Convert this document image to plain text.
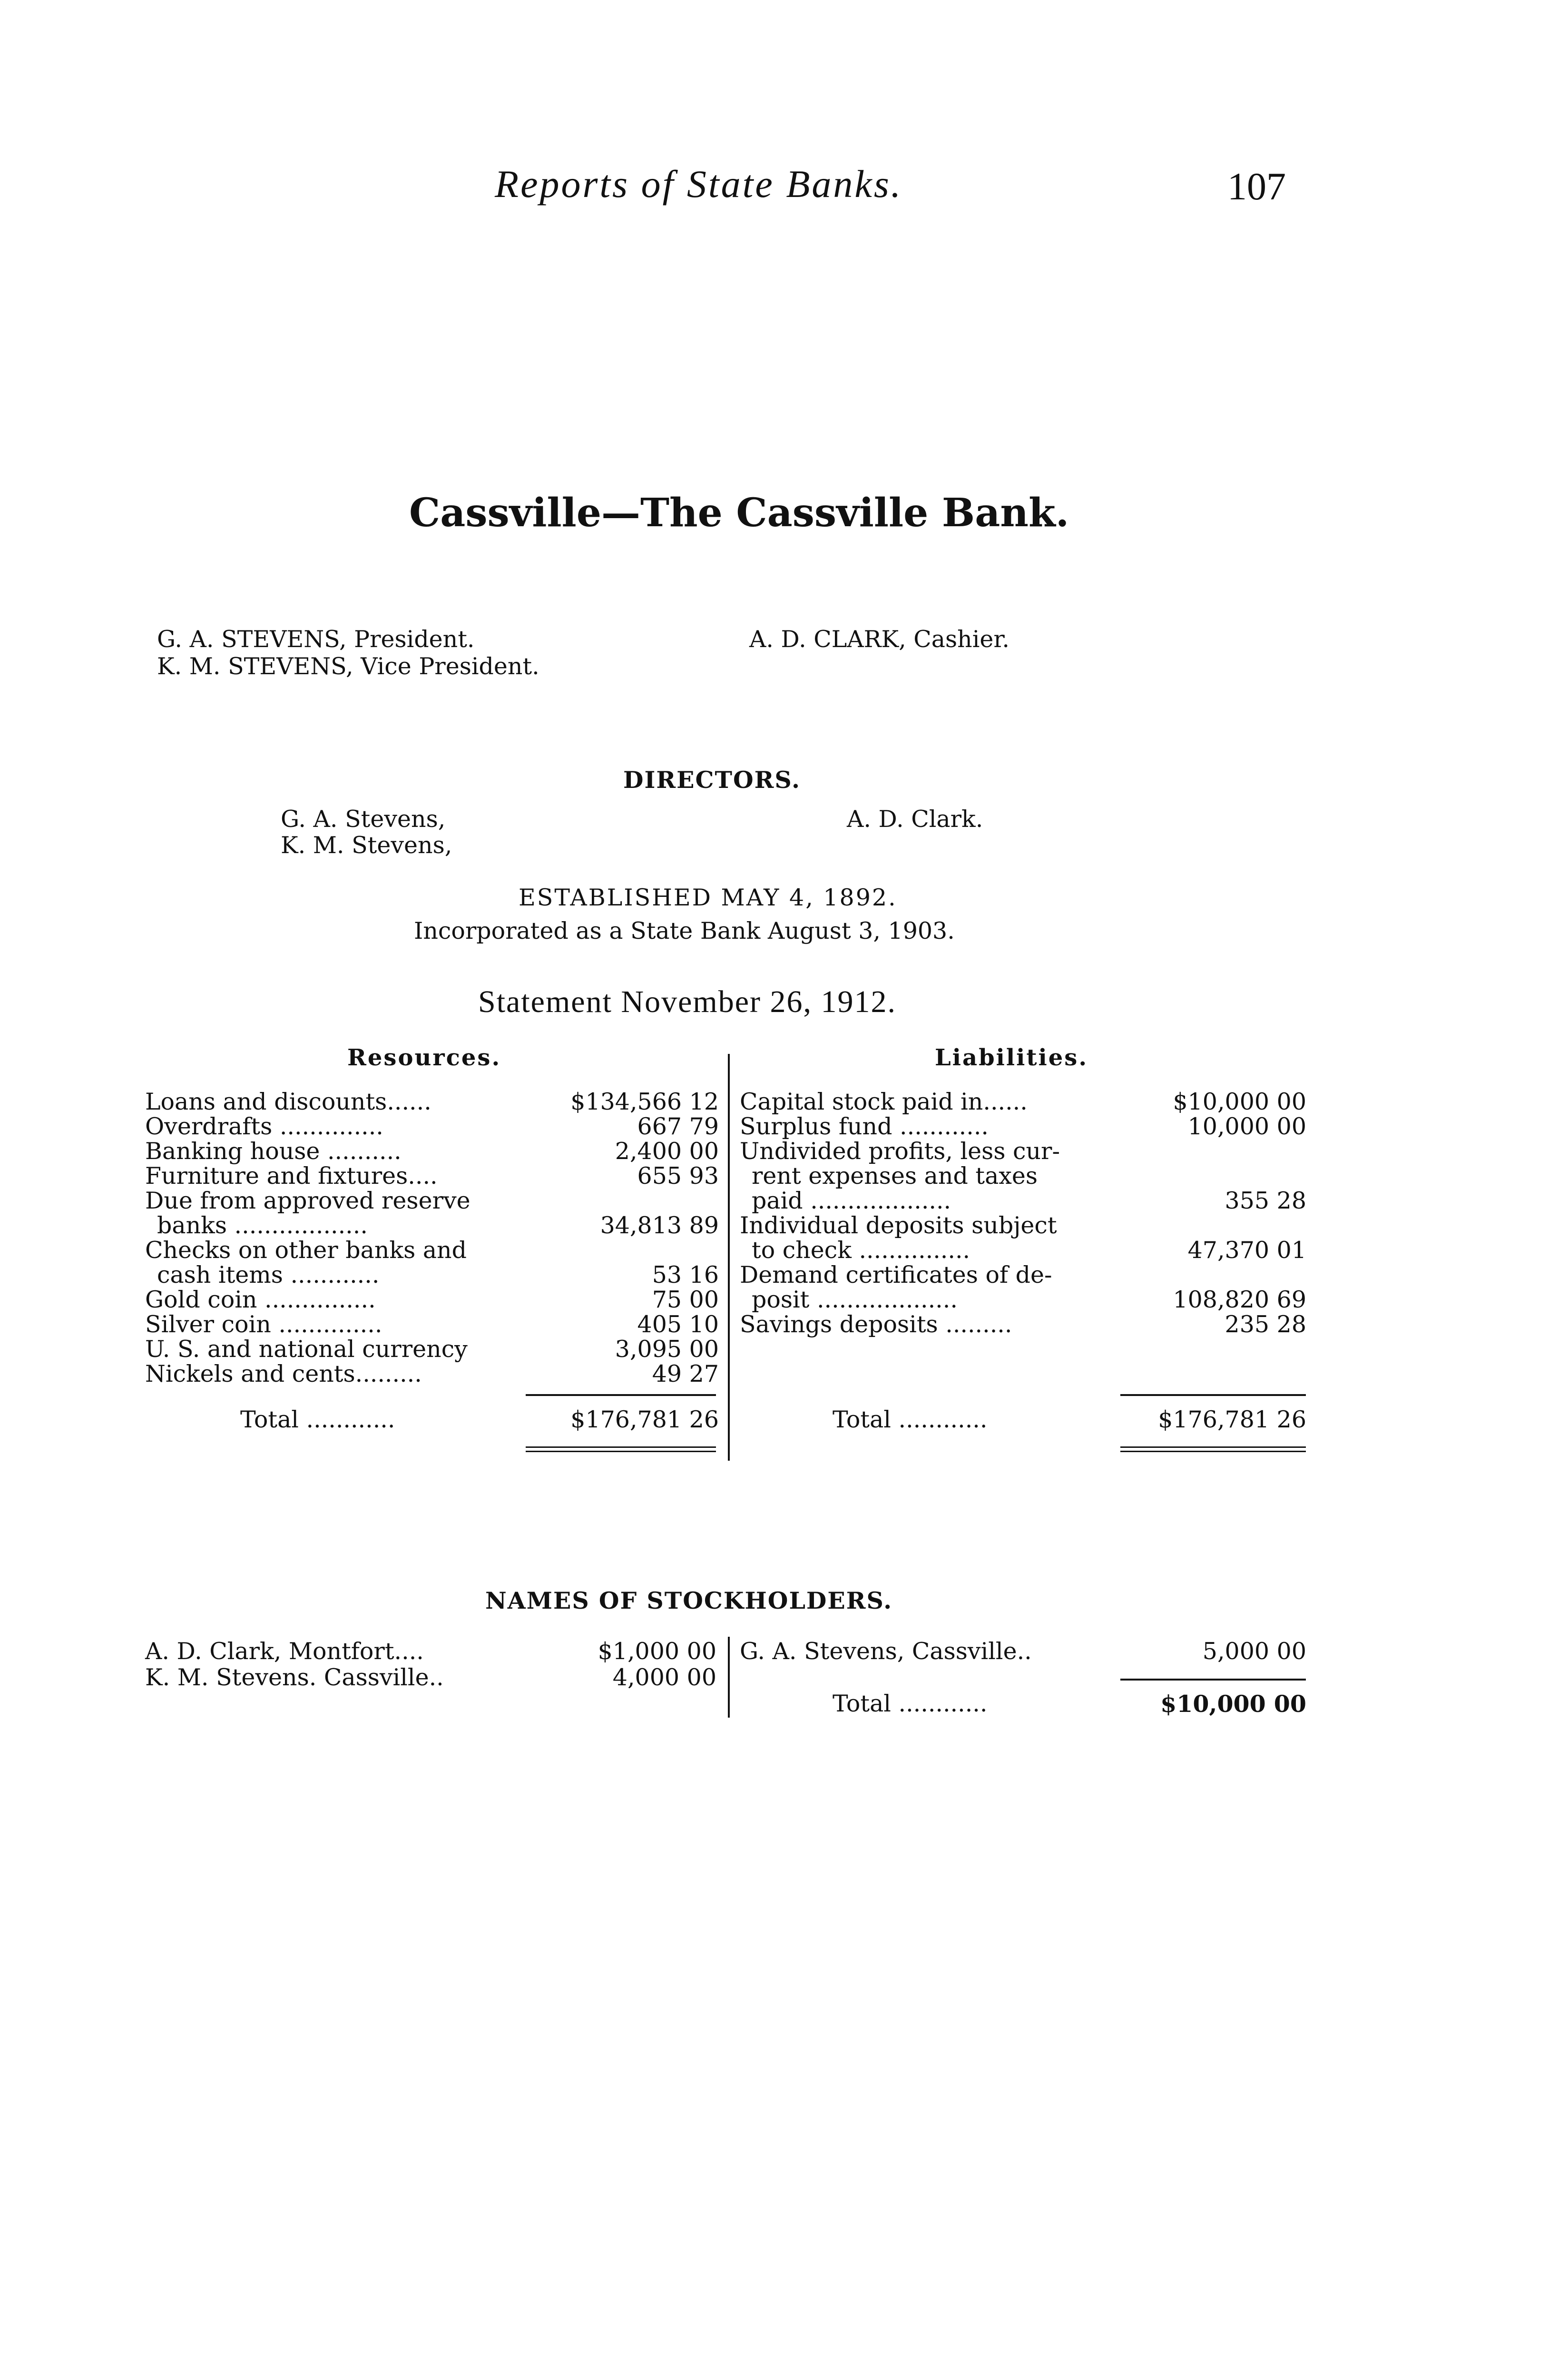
Reports of State Banks.	107
Cassville—The Cassville Bank.
G. A. STEVENS, President.
K. M. STEVENS, Vice President.
A. D. CLARK, Cashier.
DIRECTORS.
G. A. Stevens,
K. M. Stevens,
A. D. Clark.
ESTABLISHED MAY 4, 1892.
Incorporated as a State Bank August 3, 1903.
Statement November 26, 1912.
Resources.	Liabilities.
Loans and discounts......	$134,566 12
Overdrafts ..............	667 79
Banking house ..........	2,400 00
Furniture and fixtures....	655 93
Due from approved reserve
banks ..................	34,813 89
Checks on other banks and
cash items ............	53 16
Gold coin ...............	75 00
Silver coin ..............	405 10
U. S. and national currency	3,095 00
Nickels and cents.........	49 27
Total ............	$176,781 26
Capital stock paid in......	$10,000 00
Surplus fund ............	10,000 00
Undivided profits, less cur-
rent expenses and taxes
paid ...................	355 28
Individual deposits subject
to check ...............	47,370 01
Demand certificates of de-
posit ...................	108,820 69
Savings deposits .........	235 28
Total ............	$176,781 26
NAMES OF STOCKHOLDERS.
A. D. Clark, Montfort....	$1,000 00
K. M. Stevens. Cassville..	4,000 00
G. A. Stevens, Cassville..	5,000 00
Total ............	$10,000 00
